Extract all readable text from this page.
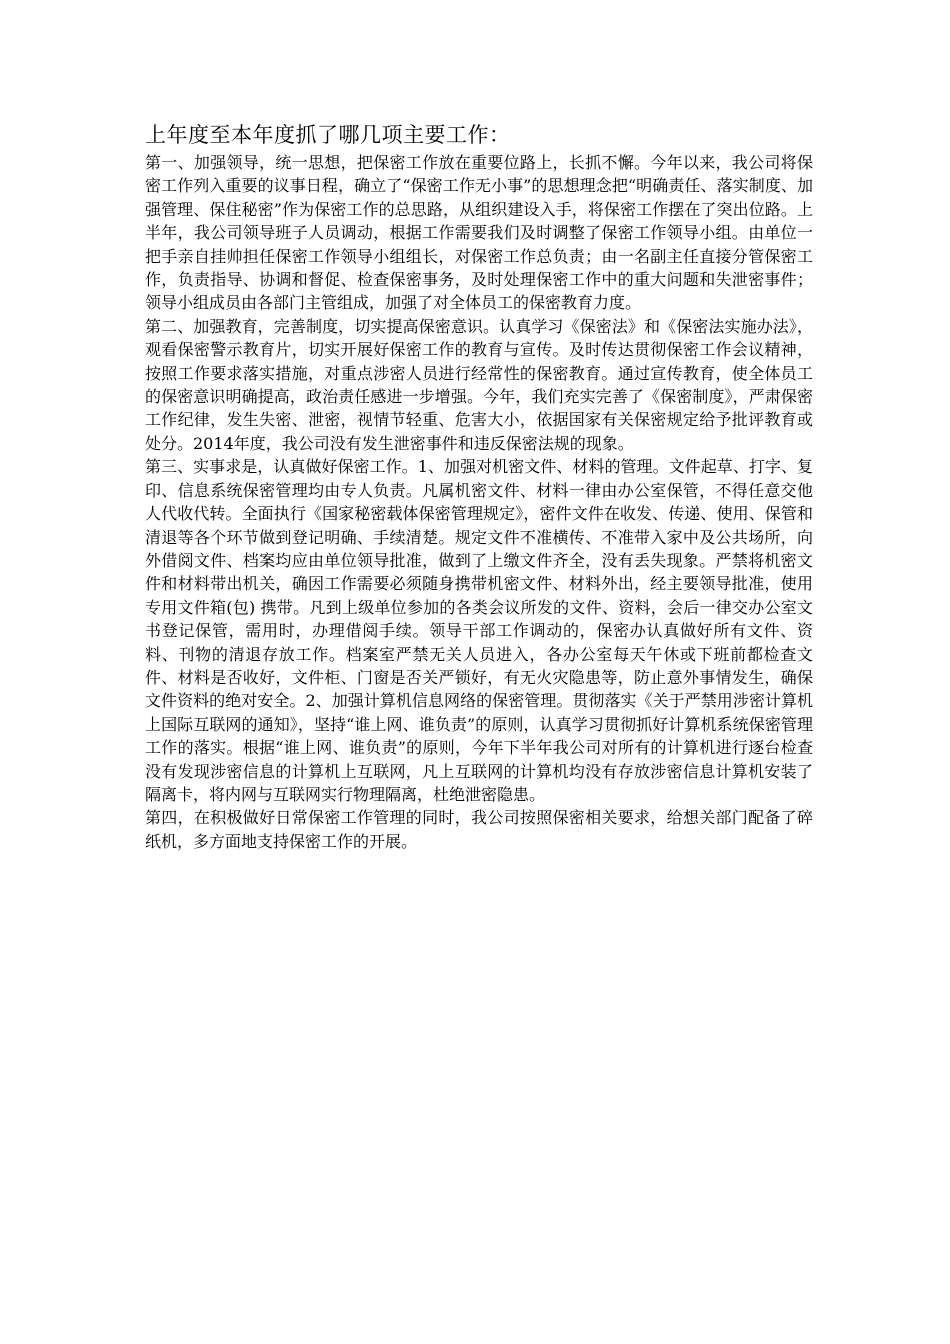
上年度至本年度抓了哪几项主要工作：

第一、加强领导，统一思想，把保密工作放在重要位路上，长抓不懈。今年以来，我公司将保密工作列入重要的议事日程，确立了“保密工作无小事”的思想理念把“明确责任、落实制度、加强管理、保住秘密”作为保密工作的总思路，从组织建设入手，将保密工作摆在了突出位路。上半年，我公司领导班子人员调动，根据工作需要我们及时调整了保密工作领导小组。由单位一把手亲自挂帅担任保密工作领导小组组长，对保密工作总负责；由一名副主任直接分管保密工作，负责指导、协调和督促、检查保密事务，及时处理保密工作中的重大问题和失泄密事件；领导小组成员由各部门主管组成，加强了对全体员工的保密教育力度。

第二、加强教育，完善制度，切实提高保密意识。认真学习《保密法》和《保密法实施办法》，观看保密警示教育片，切实开展好保密工作的教育与宣传。及时传达贯彻保密工作会议精神，按照工作要求落实措施，对重点涉密人员进行经常性的保密教育。通过宣传教育，使全体员工的保密意识明确提高，政治责任感进一步增强。今年，我们充实完善了《保密制度》，严肃保密工作纪律，发生失密、泄密，视情节轻重、危害大小，依据国家有关保密规定给予批评教育或处分。2014年度，我公司没有发生泄密事件和违反保密法规的现象。

第三、实事求是，认真做好保密工作。1、加强对机密文件、材料的管理。文件起草、打字、复印、信息系统保密管理均由专人负责。凡属机密文件、材料一律由办公室保管，不得任意交他人代收代转。全面执行《国家秘密载体保密管理规定》，密件文件在收发、传递、使用、保管和清退等各个环节做到登记明确、手续清楚。规定文件不准横传、不准带入家中及公共场所，向外借阅文件、档案均应由单位领导批准，做到了上缴文件齐全，没有丢失现象。严禁将机密文件和材料带出机关，确因工作需要必须随身携带机密文件、材料外出，经主要领导批准，使用专用文件箱(包) 携带。凡到上级单位参加的各类会议所发的文件、资料，会后一律交办公室文书登记保管，需用时，办理借阅手续。领导干部工作调动的，保密办认真做好所有文件、资料、刊物的清退存放工作。档案室严禁无关人员进入，各办公室每天午休或下班前都检查文件、材料是否收好，文件柜、门窗是否关严锁好，有无火灾隐患等，防止意外事情发生，确保文件资料的绝对安全。2、加强计算机信息网络的保密管理。贯彻落实《关于严禁用涉密计算机上国际互联网的通知》，坚持“谁上网、谁负责”的原则，认真学习贯彻抓好计算机系统保密管理工作的落实。根据“谁上网、谁负责”的原则，今年下半年我公司对所有的计算机进行逐台检查没有发现涉密信息的计算机上互联网，凡上互联网的计算机均没有存放涉密信息计算机安装了隔离卡，将内网与互联网实行物理隔离，杜绝泄密隐患。

第四，在积极做好日常保密工作管理的同时，我公司按照保密相关要求，给想关部门配备了碎纸机，多方面地支持保密工作的开展。
